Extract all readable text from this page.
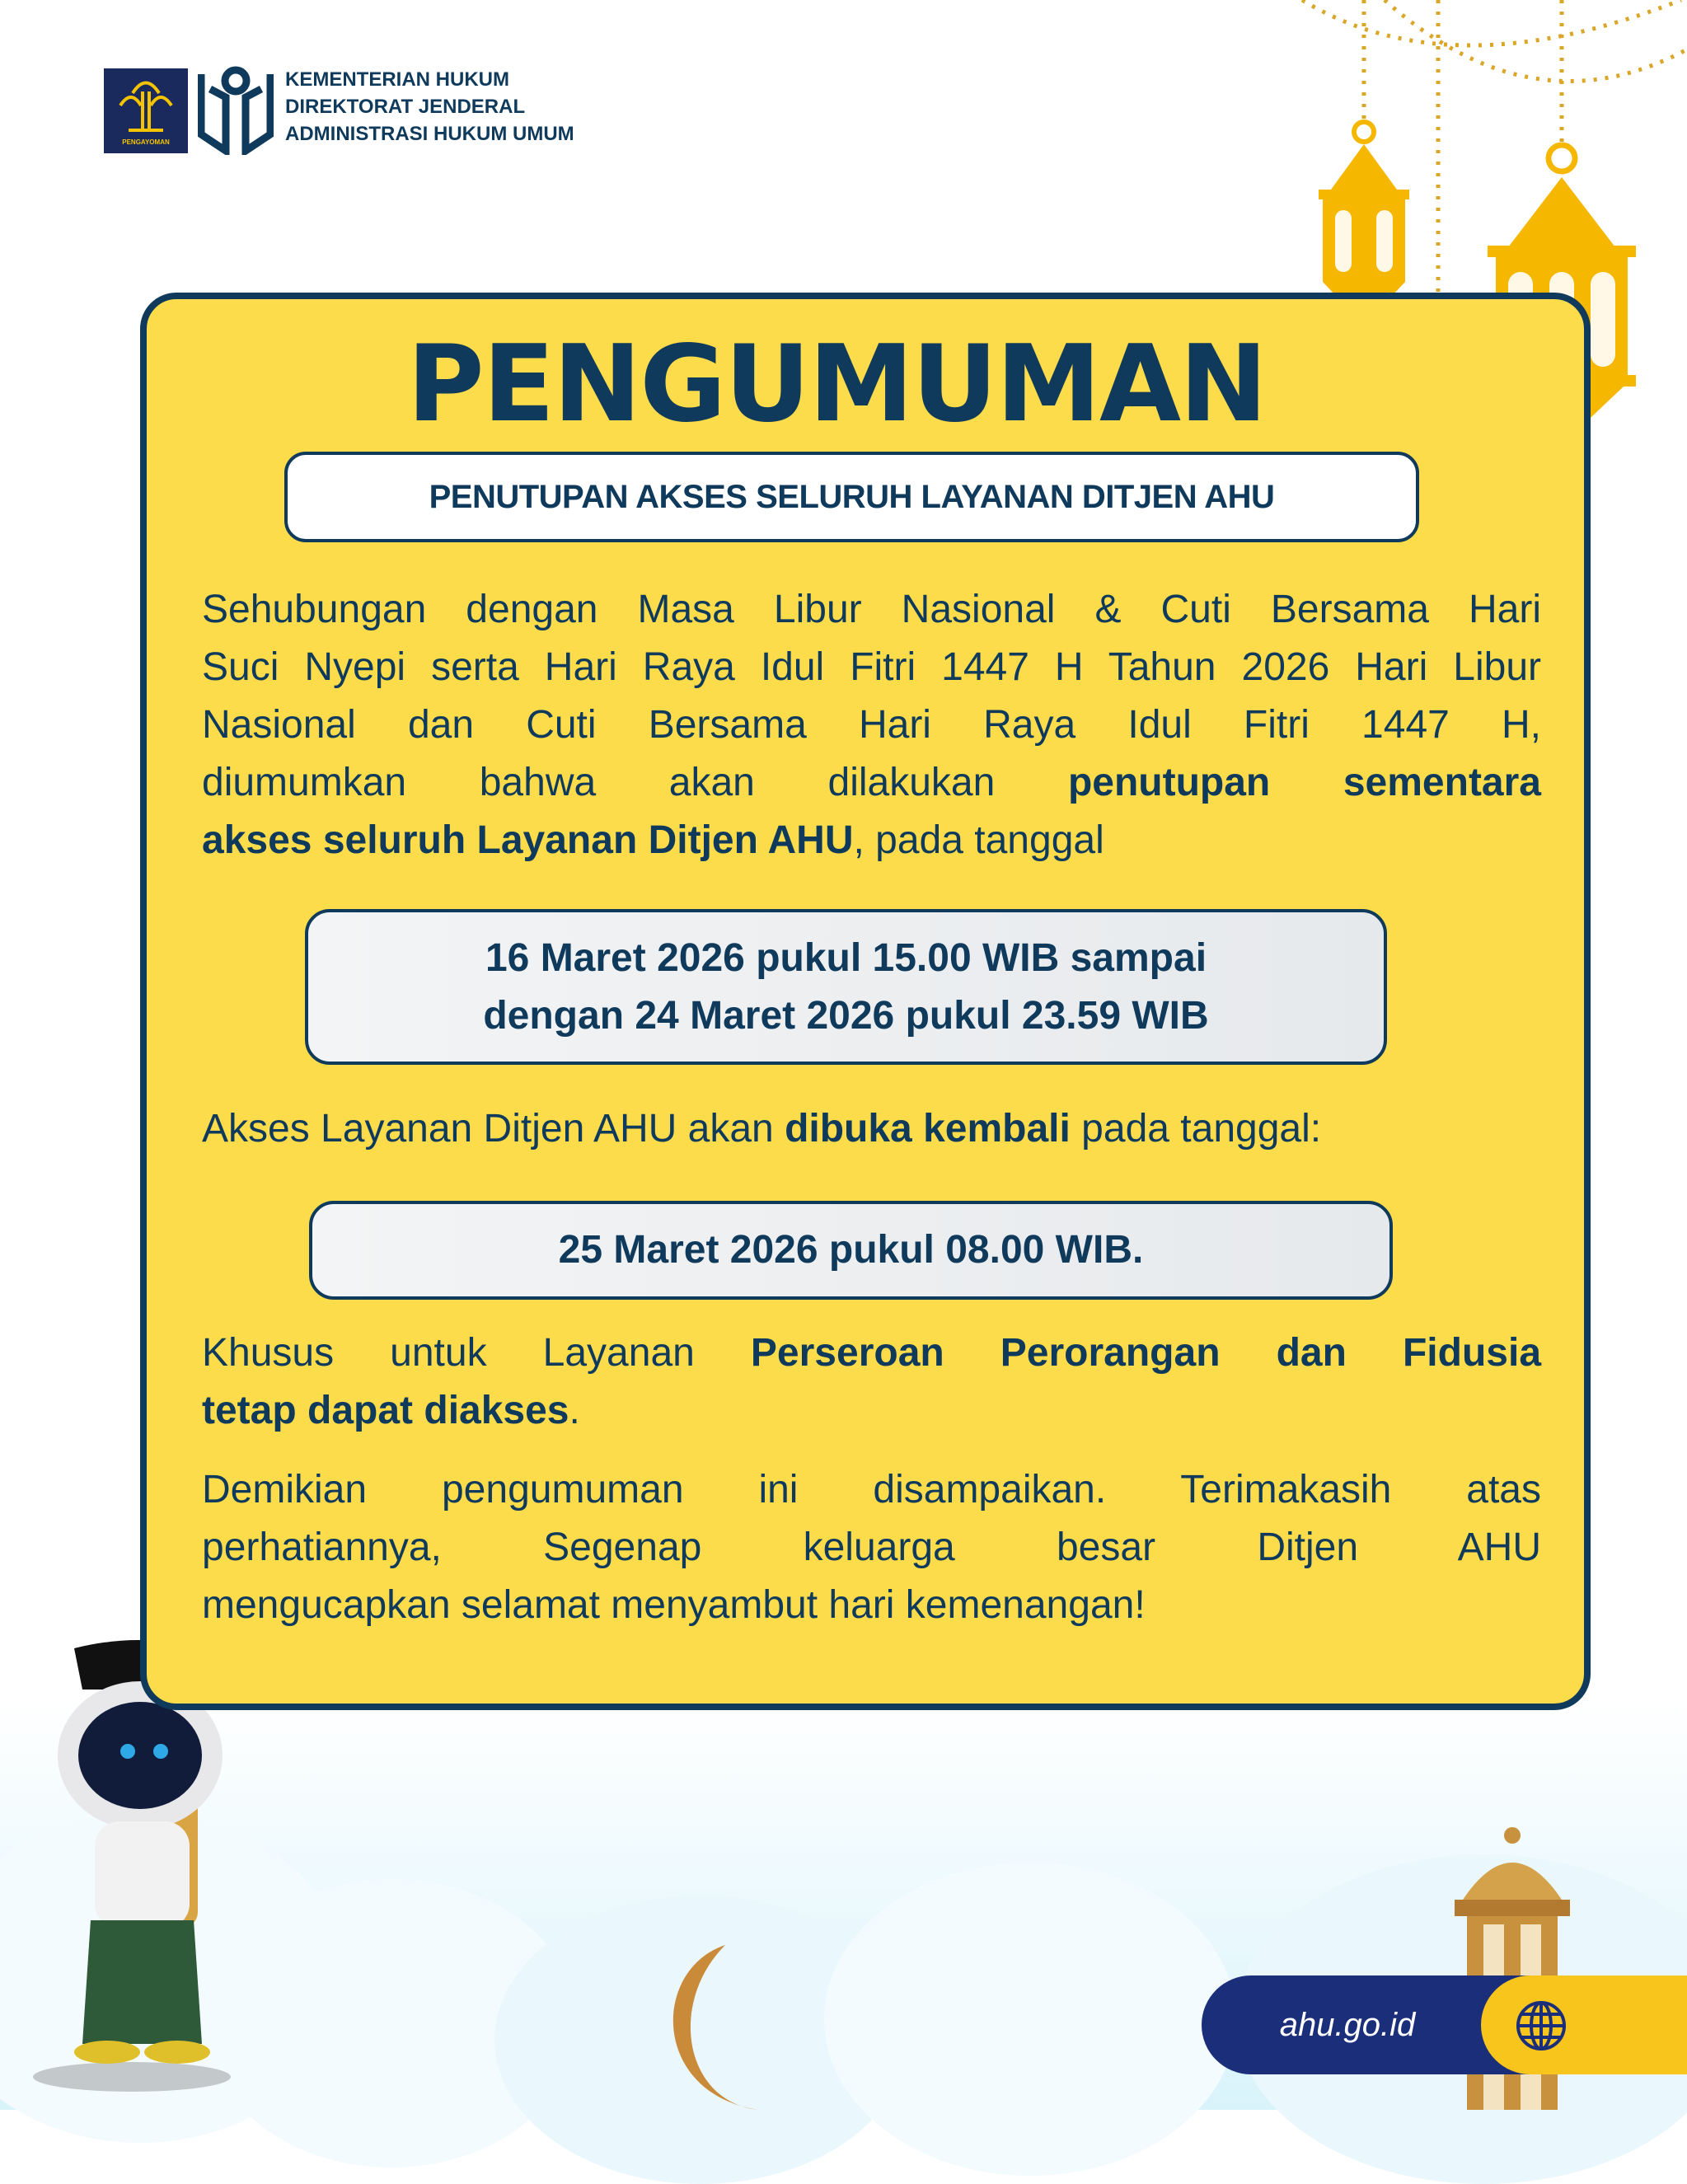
PENGAYOMAN
KEMENTERIAN HUKUM
DIREKTORAT JENDERAL
ADMINISTRASI HUKUM UMUM
PENGUMUMAN
PENUTUPAN AKSES SELURUH LAYANAN DITJEN AHU
Sehubungan dengan Masa Libur Nasional & Cuti Bersama Hari
Suci Nyepi serta Hari Raya Idul Fitri 1447 H Tahun 2026 Hari Libur
Nasional dan Cuti Bersama Hari Raya Idul Fitri 1447 H,
diumumkan bahwa akan dilakukan penutupan sementara
akses seluruh Layanan Ditjen AHU, pada tanggal
16 Maret 2026 pukul 15.00 WIB sampai
dengan 24 Maret 2026 pukul 23.59 WIB
Akses Layanan Ditjen AHU akan dibuka kembali pada tanggal:
25 Maret 2026 pukul 08.00 WIB.
Khusus untuk Layanan Perseroan Perorangan dan Fidusia
tetap dapat diakses.
Demikian pengumuman ini disampaikan. Terimakasih atas
perhatiannya, Segenap keluarga besar Ditjen AHU
mengucapkan selamat menyambut hari kemenangan!
ahu.go.id
